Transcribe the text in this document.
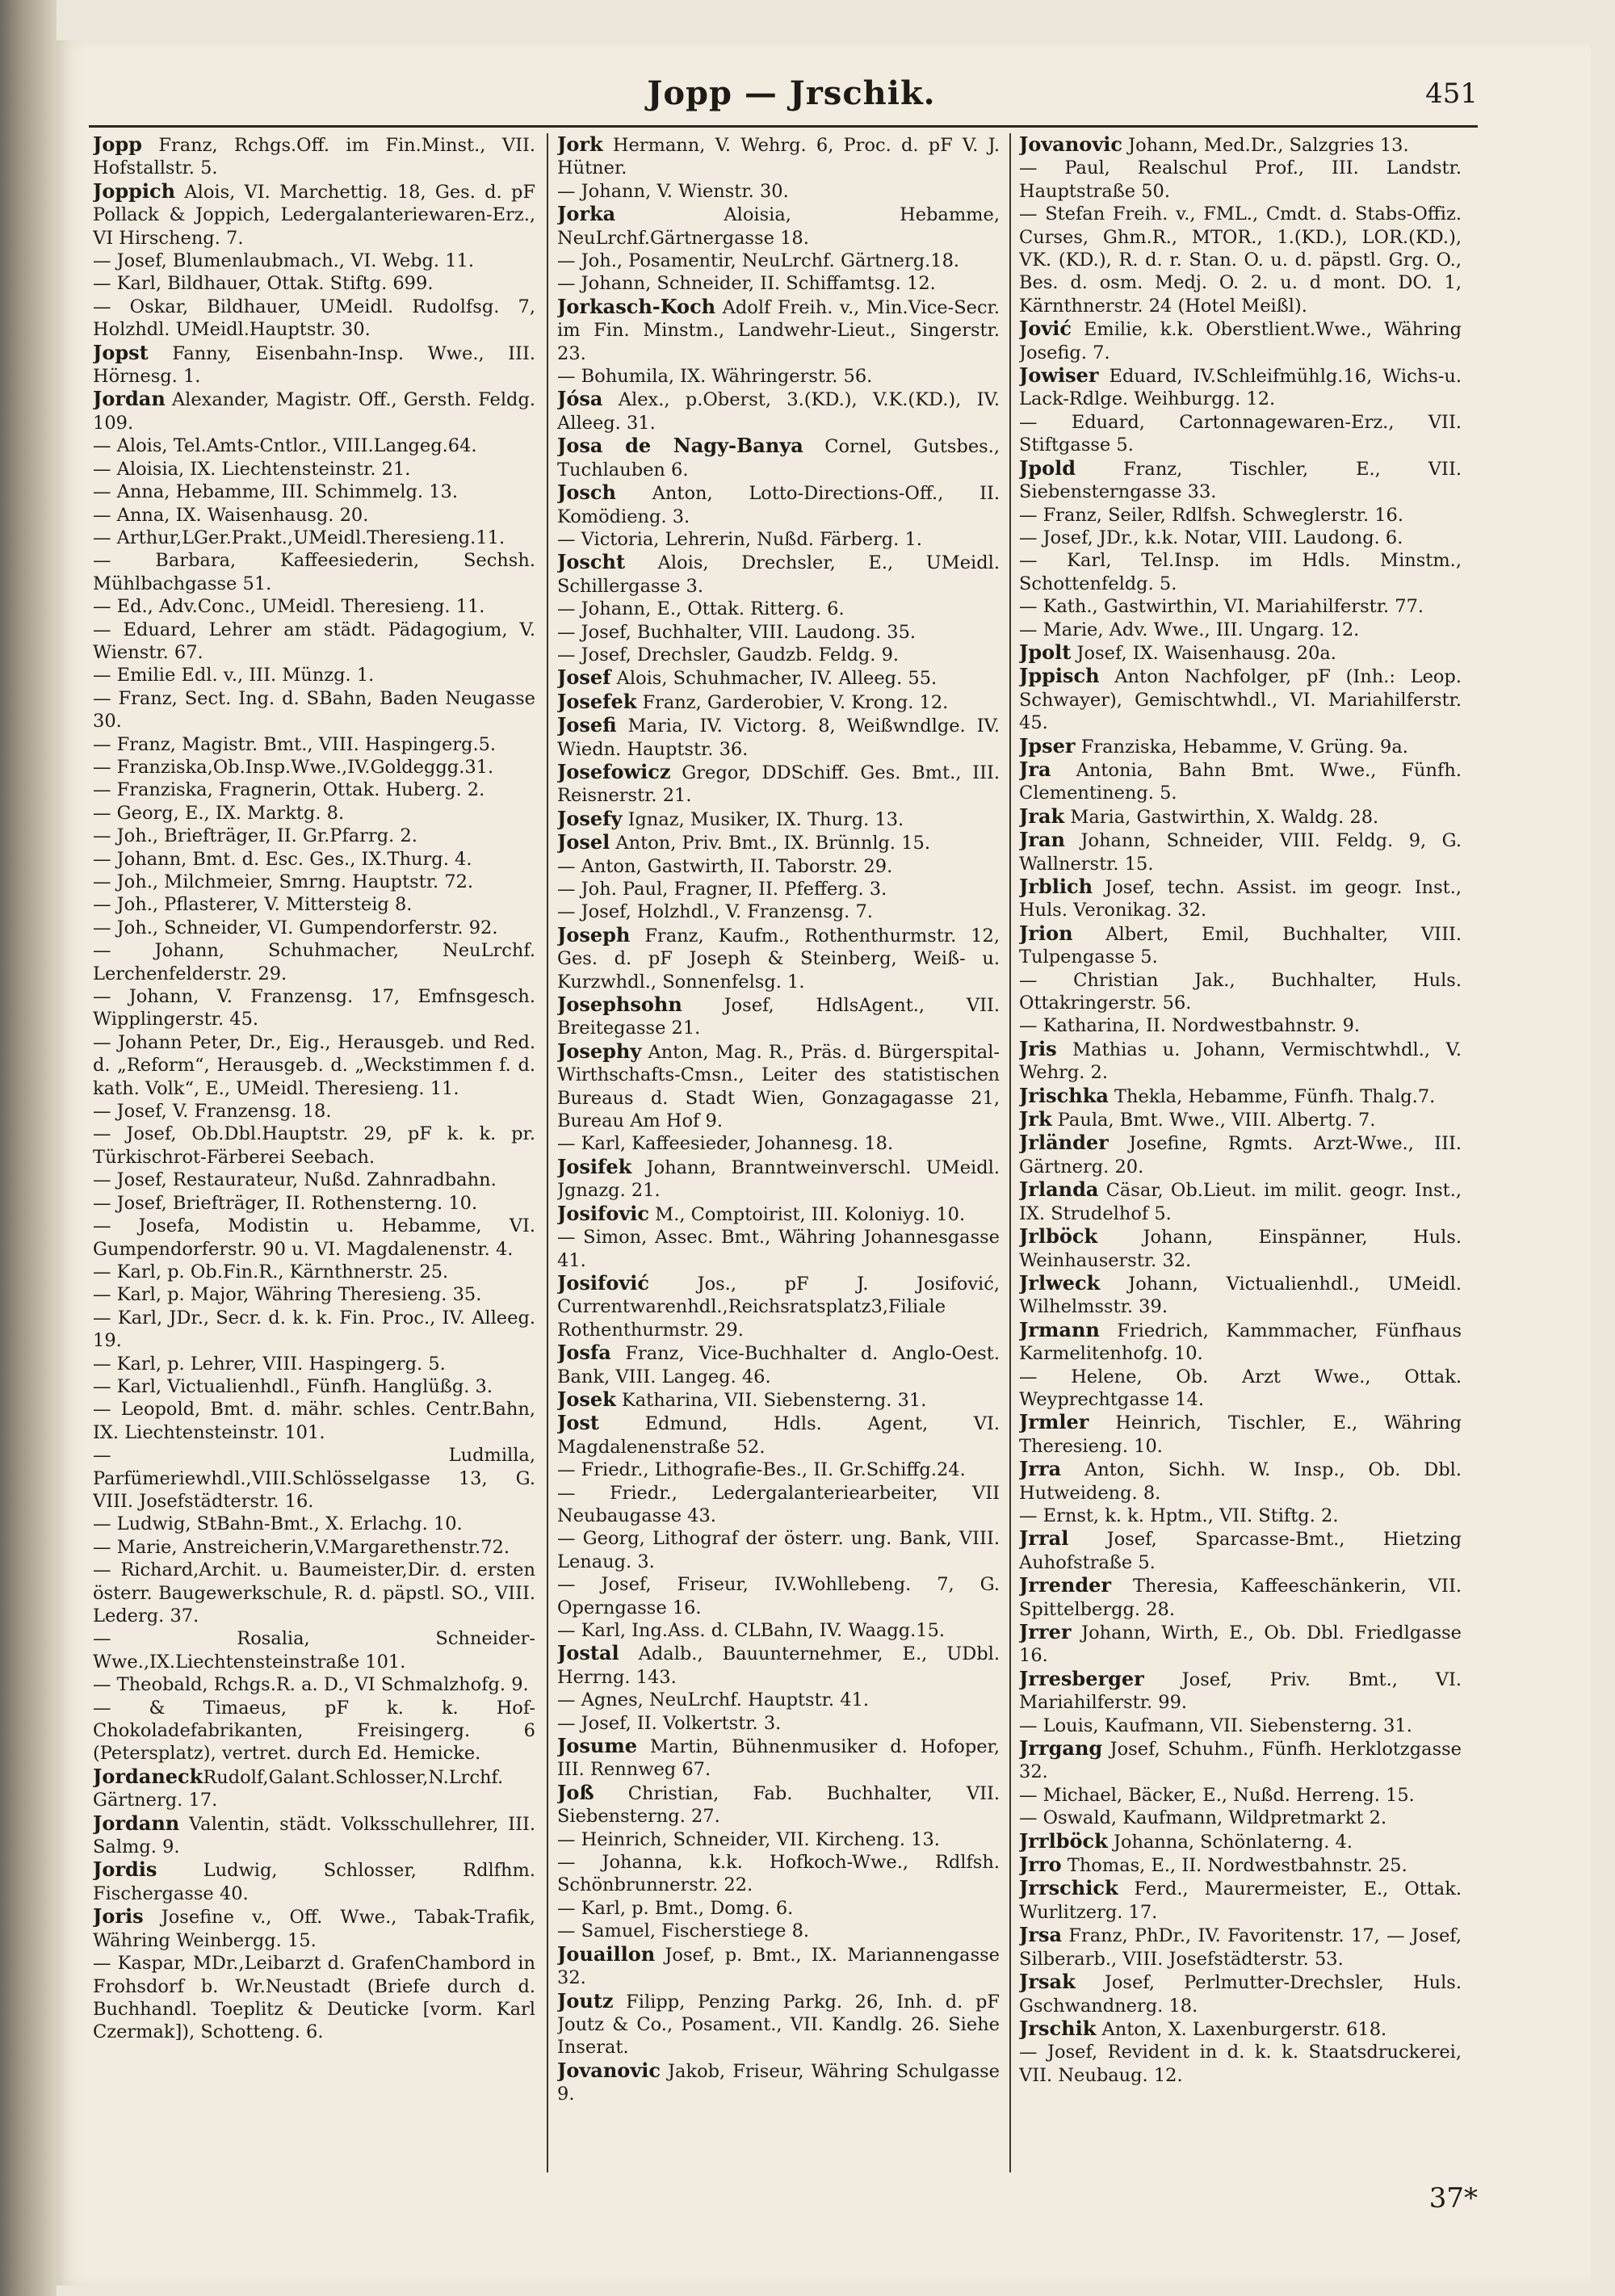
Jopp — Jrschik.	451

Jopp Franz, Rchgs.Off. im Fin.Minst., VII. Hofstallstr. 5.

Joppich Alois, VI. Marchettig. 18, Ges. d. pF Pollack & Joppich, Ledergalanteriewaren-Erz., VI Hirscheng. 7.

— Josef, Blumenlaubmach., VI. Webg. 11.

— Karl, Bildhauer, Ottak. Stiftg. 699.

— Oskar, Bildhauer, UMeidl. Rudolfsg. 7, Holzhdl. UMeidl.Hauptstr. 30.

Jopst Fanny, Eisenbahn-Insp. Wwe., III. Hörnesg. 1.

Jordan Alexander, Magistr. Off., Gersth. Feldg. 109.

— Alois, Tel.Amts-Cntlor., VIII.Langeg.64.

— Aloisia, IX. Liechtensteinstr. 21.

— Anna, Hebamme, III. Schimmelg. 13.

— Anna, IX. Waisenhausg. 20.

— Arthur,LGer.Prakt.,UMeidl.Theresieng.11.

— Barbara, Kaffeesiederin, Sechsh. Mühlbachgasse 51.

— Ed., Adv.Conc., UMeidl. Theresieng. 11.

— Eduard, Lehrer am städt. Pädagogium, V. Wienstr. 67.

— Emilie Edl. v., III. Münzg. 1.

— Franz, Sect. Ing. d. SBahn, Baden Neugasse 30.

— Franz, Magistr. Bmt., VIII. Haspingerg.5.

— Franziska,Ob.Insp.Wwe.,IV.Goldeggg.31.

— Franziska, Fragnerin, Ottak. Huberg. 2.

— Georg, E., IX. Marktg. 8.

— Joh., Briefträger, II. Gr.Pfarrg. 2.

— Johann, Bmt. d. Esc. Ges., IX.Thurg. 4.

— Joh., Milchmeier, Smrng. Hauptstr. 72.

— Joh., Pflasterer, V. Mittersteig 8.

— Joh., Schneider, VI. Gumpendorferstr. 92.

— Johann, Schuhmacher, NeuLrchf. Lerchenfelderstr. 29.

— Johann, V. Franzensg. 17, Emfnsgesch. Wipplingerstr. 45.

— Johann Peter, Dr., Eig., Herausgeb. und Red. d. „Reform“, Herausgeb. d. „Weckstimmen f. d. kath. Volk“, E., UMeidl. Theresieng. 11.

— Josef, V. Franzensg. 18.

— Josef, Ob.Dbl.Hauptstr. 29, pF k. k. pr. Türkischrot-Färberei Seebach.

— Josef, Restaurateur, Nußd. Zahnradbahn.

— Josef, Briefträger, II. Rothensterng. 10.

— Josefa, Modistin u. Hebamme, VI. Gumpendorferstr. 90 u. VI. Magdalenenstr. 4.

— Karl, p. Ob.Fin.R., Kärnthnerstr. 25.

— Karl, p. Major, Währing Theresieng. 35.

— Karl, JDr., Secr. d. k. k. Fin. Proc., IV. Alleeg. 19.

— Karl, p. Lehrer, VIII. Haspingerg. 5.

— Karl, Victualienhdl., Fünfh. Hanglüßg. 3.

— Leopold, Bmt. d. mähr. schles. Centr.Bahn, IX. Liechtensteinstr. 101.

— Ludmilla, Parfümeriewhdl.,VIII.Schlösselgasse 13, G. VIII. Josefstädterstr. 16.

— Ludwig, StBahn-Bmt., X. Erlachg. 10.

— Marie, Anstreicherin,V.Margarethenstr.72.

— Richard,Archit. u. Baumeister,Dir. d. ersten österr. Baugewerkschule, R. d. päpstl. SO., VIII. Lederg. 37.

— Rosalia, Schneider-Wwe.,IX.Liechtensteinstraße 101.

— Theobald, Rchgs.R. a. D., VI Schmalzhofg. 9.

— & Timaeus, pF k. k. Hof-Chokoladefabrikanten, Freisingerg. 6 (Petersplatz), vertret. durch Ed. Hemicke.

JordaneckRudolf,Galant.Schlosser,N.Lrchf. Gärtnerg. 17.

Jordann Valentin, städt. Volksschullehrer, III. Salmg. 9.

Jordis Ludwig, Schlosser, Rdlfhm. Fischergasse 40.

Joris Josefine v., Off. Wwe., Tabak-Trafik, Währing Weinbergg. 15.

— Kaspar, MDr.,Leibarzt d. GrafenChambord in Frohsdorf b. Wr.Neustadt (Briefe durch d. Buchhandl. Toeplitz & Deuticke [vorm. Karl Czermak]), Schotteng. 6.

Jork Hermann, V. Wehrg. 6, Proc. d. pF V. J. Hütner.

— Johann, V. Wienstr. 30.

Jorka Aloisia, Hebamme, NeuLrchf.Gärtnergasse 18.

— Joh., Posamentir, NeuLrchf. Gärtnerg.18.

— Johann, Schneider, II. Schiffamtsg. 12.

Jorkasch-Koch Adolf Freih. v., Min.Vice-Secr. im Fin. Minstm., Landwehr-Lieut., Singerstr. 23.

— Bohumila, IX. Währingerstr. 56.

Jósa Alex., p.Oberst, 3.(KD.), V.K.(KD.), IV. Alleeg. 31.

Josa de Nagy-Banya Cornel, Gutsbes., Tuchlauben 6.

Josch Anton, Lotto-Directions-Off., II. Komödieng. 3.

— Victoria, Lehrerin, Nußd. Färberg. 1.

Joscht Alois, Drechsler, E., UMeidl. Schillergasse 3.

— Johann, E., Ottak. Ritterg. 6.

— Josef, Buchhalter, VIII. Laudong. 35.

— Josef, Drechsler, Gaudzb. Feldg. 9.

Josef Alois, Schuhmacher, IV. Alleeg. 55.

Josefek Franz, Garderobier, V. Krong. 12.

Josefi Maria, IV. Victorg. 8, Weißwndlge. IV. Wiedn. Hauptstr. 36.

Josefowicz Gregor, DDSchiff. Ges. Bmt., III. Reisnerstr. 21.

Josefy Ignaz, Musiker, IX. Thurg. 13.

Josel Anton, Priv. Bmt., IX. Brünnlg. 15.

— Anton, Gastwirth, II. Taborstr. 29.

— Joh. Paul, Fragner, II. Pfefferg. 3.

— Josef, Holzhdl., V. Franzensg. 7.

Joseph Franz, Kaufm., Rothenthurmstr. 12, Ges. d. pF Joseph & Steinberg, Weiß- u. Kurzwhdl., Sonnenfelsg. 1.

Josephsohn Josef, HdlsAgent., VII. Breitegasse 21.

Josephy Anton, Mag. R., Präs. d. Bürgerspital-Wirthschafts-Cmsn., Leiter des statistischen Bureaus d. Stadt Wien, Gonzagagasse 21, Bureau Am Hof 9.

— Karl, Kaffeesieder, Johannesg. 18.

Josifek Johann, Branntweinverschl. UMeidl. Jgnazg. 21.

Josifovic M., Comptoirist, III. Koloniyg. 10.

— Simon, Assec. Bmt., Währing Johannesgasse 41.

Josifović Jos., pF J. Josifović, Currentwarenhdl.,Reichsratsplatz3,Filiale Rothenthurmstr. 29.

Josfa Franz, Vice-Buchhalter d. Anglo-Oest. Bank, VIII. Langeg. 46.

Josek Katharina, VII. Siebensterng. 31.

Jost Edmund, Hdls. Agent, VI. Magdalenenstraße 52.

— Friedr., Lithografie-Bes., II. Gr.Schiffg.24.

— Friedr., Ledergalanteriearbeiter, VII Neubaugasse 43.

— Georg, Lithograf der österr. ung. Bank, VIII. Lenaug. 3.

— Josef, Friseur, IV.Wohllebeng. 7, G. Operngasse 16.

— Karl, Ing.Ass. d. CLBahn, IV. Waagg.15.

Jostal Adalb., Bauunternehmer, E., UDbl. Herrng. 143.

— Agnes, NeuLrchf. Hauptstr. 41.

— Josef, II. Volkertstr. 3.

Josume Martin, Bühnenmusiker d. Hofoper, III. Rennweg 67.

Joß Christian, Fab. Buchhalter, VII. Siebensterng. 27.

— Heinrich, Schneider, VII. Kircheng. 13.

— Johanna, k.k. Hofkoch-Wwe., Rdlfsh. Schönbrunnerstr. 22.

— Karl, p. Bmt., Domg. 6.

— Samuel, Fischerstiege 8.

Jouaillon Josef, p. Bmt., IX. Mariannengasse 32.

Joutz Filipp, Penzing Parkg. 26, Inh. d. pF Joutz & Co., Posament., VII. Kandlg. 26. Siehe Inserat.

Jovanovic Jakob, Friseur, Währing Schulgasse 9.

Jovanovic Johann, Med.Dr., Salzgries 13.

— Paul, Realschul Prof., III. Landstr. Hauptstraße 50.

— Stefan Freih. v., FML., Cmdt. d. Stabs-Offiz. Curses, Ghm.R., MTOR., 1.(KD.), LOR.(KD.), VK. (KD.), R. d. r. Stan. O. u. d. päpstl. Grg. O., Bes. d. osm. Medj. O. 2. u. d mont. DO. 1, Kärnthnerstr. 24 (Hotel Meißl).

Jović Emilie, k.k. Oberstlient.Wwe., Währing Josefig. 7.

Jowiser Eduard, IV.Schleifmühlg.16, Wichs-u. Lack-Rdlge. Weihburgg. 12.

— Eduard, Cartonnagewaren-Erz., VII. Stiftgasse 5.

Jpold Franz, Tischler, E., VII. Siebensterngasse 33.

— Franz, Seiler, Rdlfsh. Schweglerstr. 16.

— Josef, JDr., k.k. Notar, VIII. Laudong. 6.

— Karl, Tel.Insp. im Hdls. Minstm., Schottenfeldg. 5.

— Kath., Gastwirthin, VI. Mariahilferstr. 77.

— Marie, Adv. Wwe., III. Ungarg. 12.

Jpolt Josef, IX. Waisenhausg. 20a.

Jppisch Anton Nachfolger, pF (Inh.: Leop. Schwayer), Gemischtwhdl., VI. Mariahilferstr. 45.

Jpser Franziska, Hebamme, V. Grüng. 9a.

Jra Antonia, Bahn Bmt. Wwe., Fünfh. Clementineng. 5.

Jrak Maria, Gastwirthin, X. Waldg. 28.

Jran Johann, Schneider, VIII. Feldg. 9, G. Wallnerstr. 15.

Jrblich Josef, techn. Assist. im geogr. Inst., Huls. Veronikag. 32.

Jrion Albert, Emil, Buchhalter, VIII. Tulpengasse 5.

— Christian Jak., Buchhalter, Huls. Ottakringerstr. 56.

— Katharina, II. Nordwestbahnstr. 9.

Jris Mathias u. Johann, Vermischtwhdl., V. Wehrg. 2.

Jrischka Thekla, Hebamme, Fünfh. Thalg.7.

Jrk Paula, Bmt. Wwe., VIII. Albertg. 7.

Jrländer Josefine, Rgmts. Arzt-Wwe., III. Gärtnerg. 20.

Jrlanda Cäsar, Ob.Lieut. im milit. geogr. Inst., IX. Strudelhof 5.

Jrlböck Johann, Einspänner, Huls. Weinhauserstr. 32.

Jrlweck Johann, Victualienhdl., UMeidl. Wilhelmsstr. 39.

Jrmann Friedrich, Kammmacher, Fünfhaus Karmelitenhofg. 10.

— Helene, Ob. Arzt Wwe., Ottak. Weyprechtgasse 14.

Jrmler Heinrich, Tischler, E., Währing Theresieng. 10.

Jrra Anton, Sichh. W. Insp., Ob. Dbl. Hutweideng. 8.

— Ernst, k. k. Hptm., VII. Stiftg. 2.

Jrral Josef, Sparcasse-Bmt., Hietzing Auhofstraße 5.

Jrrender Theresia, Kaffeeschänkerin, VII. Spittelbergg. 28.

Jrrer Johann, Wirth, E., Ob. Dbl. Friedlgasse 16.

Jrresberger Josef, Priv. Bmt., VI. Mariahilferstr. 99.

— Louis, Kaufmann, VII. Siebensterng. 31.

Jrrgang Josef, Schuhm., Fünfh. Herklotzgasse 32.

— Michael, Bäcker, E., Nußd. Herreng. 15.

— Oswald, Kaufmann, Wildpretmarkt 2.

Jrrlböck Johanna, Schönlaterng. 4.

Jrro Thomas, E., II. Nordwestbahnstr. 25.

Jrrschick Ferd., Maurermeister, E., Ottak. Wurlitzerg. 17.

Jrsa Franz, PhDr., IV. Favoritenstr. 17, — Josef, Silberarb., VIII. Josefstädterstr. 53.

Jrsak Josef, Perlmutter-Drechsler, Huls. Gschwandnerg. 18.

Jrschik Anton, X. Laxenburgerstr. 618.

— Josef, Revident in d. k. k. Staatsdruckerei, VII. Neubaug. 12.

37*
